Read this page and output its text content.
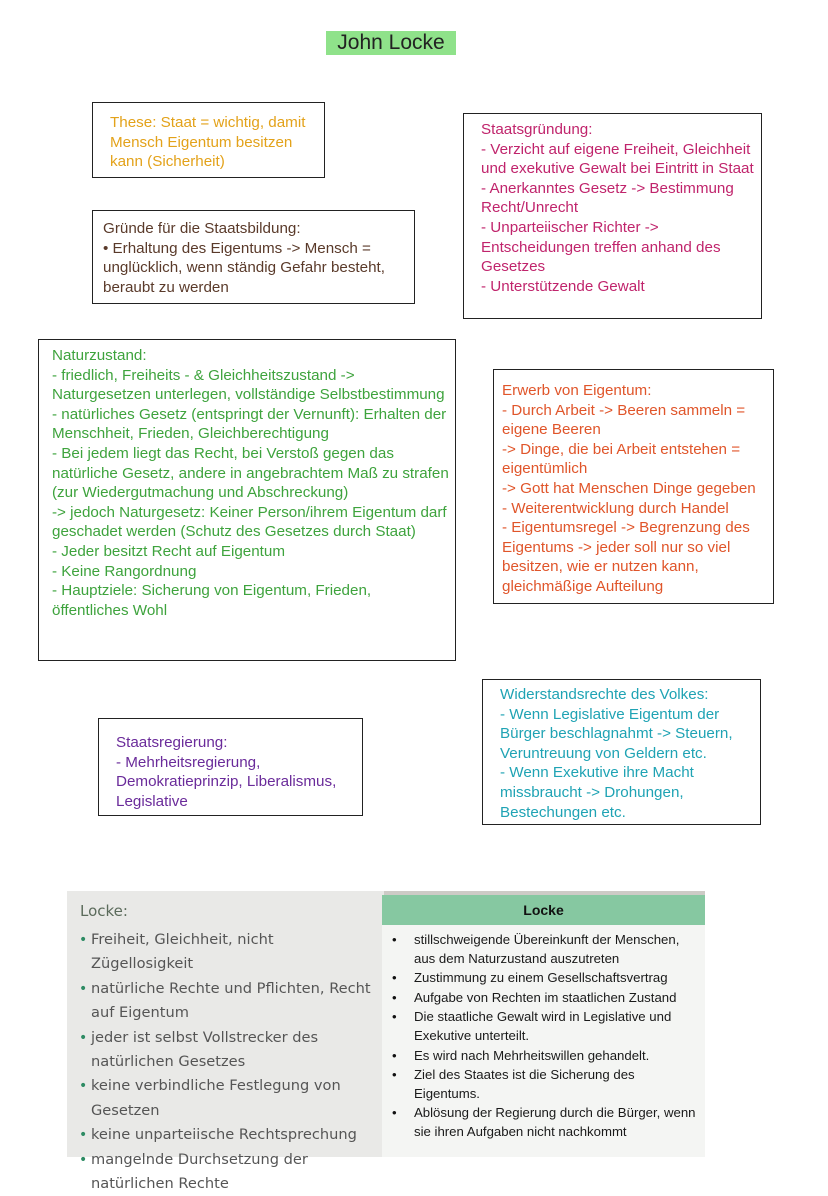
John Locke
These: Staat = wichtig, damit Mensch Eigentum besitzen kann (Sicherheit)
Gründe für die Staatsbildung:
• Erhaltung des Eigentums -> Mensch = unglücklich, wenn ständig Gefahr besteht, beraubt zu werden
Staatsgründung:
- Verzicht auf eigene Freiheit, Gleichheit und exekutive Gewalt bei Eintritt in Staat
- Anerkanntes Gesetz -> Bestimmung Recht/Unrecht
- Unparteiischer Richter -> Entscheidungen treffen anhand des Gesetzes
- Unterstützende Gewalt
Naturzustand:
- friedlich, Freiheits - & Gleichheitszustand -> Naturgesetzen unterlegen, vollständige Selbstbestimmung
- natürliches Gesetz (entspringt der Vernunft): Erhalten der Menschheit, Frieden, Gleichberechtigung
- Bei jedem liegt das Recht, bei Verstoß gegen das natürliche Gesetz, andere in angebrachtem Maß zu strafen (zur Wiedergutmachung und Abschreckung)
-> jedoch Naturgesetz: Keiner Person/ihrem Eigentum darf geschadet werden (Schutz des Gesetzes durch Staat)
- Jeder besitzt Recht auf Eigentum
- Keine Rangordnung
- Hauptziele: Sicherung von Eigentum, Frieden, öffentliches Wohl
Erwerb von Eigentum:
- Durch Arbeit -> Beeren sammeln = eigene Beeren
-> Dinge, die bei Arbeit entstehen = eigentümlich
-> Gott hat Menschen Dinge gegeben
- Weiterentwicklung durch Handel
- Eigentumsregel -> Begrenzung des Eigentums -> jeder soll nur so viel besitzen, wie er nutzen kann, gleichmäßige Aufteilung
Widerstandsrechte des Volkes:
- Wenn Legislative Eigentum der Bürger beschlagnahmt -> Steuern, Veruntreuung von Geldern etc.
- Wenn Exekutive ihre Macht missbraucht -> Drohungen, Bestechungen etc.
Staatsregierung:
- Mehrheitsregierung, Demokratieprinzip, Liberalismus, Legislative
Locke:
• Freiheit, Gleichheit, nicht Zügellosigkeit
• natürliche Rechte und Pflichten, Recht auf Eigentum
• jeder ist selbst Vollstrecker des natürlichen Gesetzes
• keine verbindliche Festlegung von Gesetzen
• keine unparteiische Rechtsprechung
• mangelnde Durchsetzung der natürlichen Rechte
Locke
• stillschweigende Übereinkunft der Menschen, aus dem Naturzustand auszutreten
• Zustimmung zu einem Gesellschaftsvertrag
• Aufgabe von Rechten im staatlichen Zustand
• Die staatliche Gewalt wird in Legislative und Exekutive unterteilt.
• Es wird nach Mehrheitswillen gehandelt.
• Ziel des Staates ist die Sicherung des Eigentums.
• Ablösung der Regierung durch die Bürger, wenn sie ihren Aufgaben nicht nachkommt
